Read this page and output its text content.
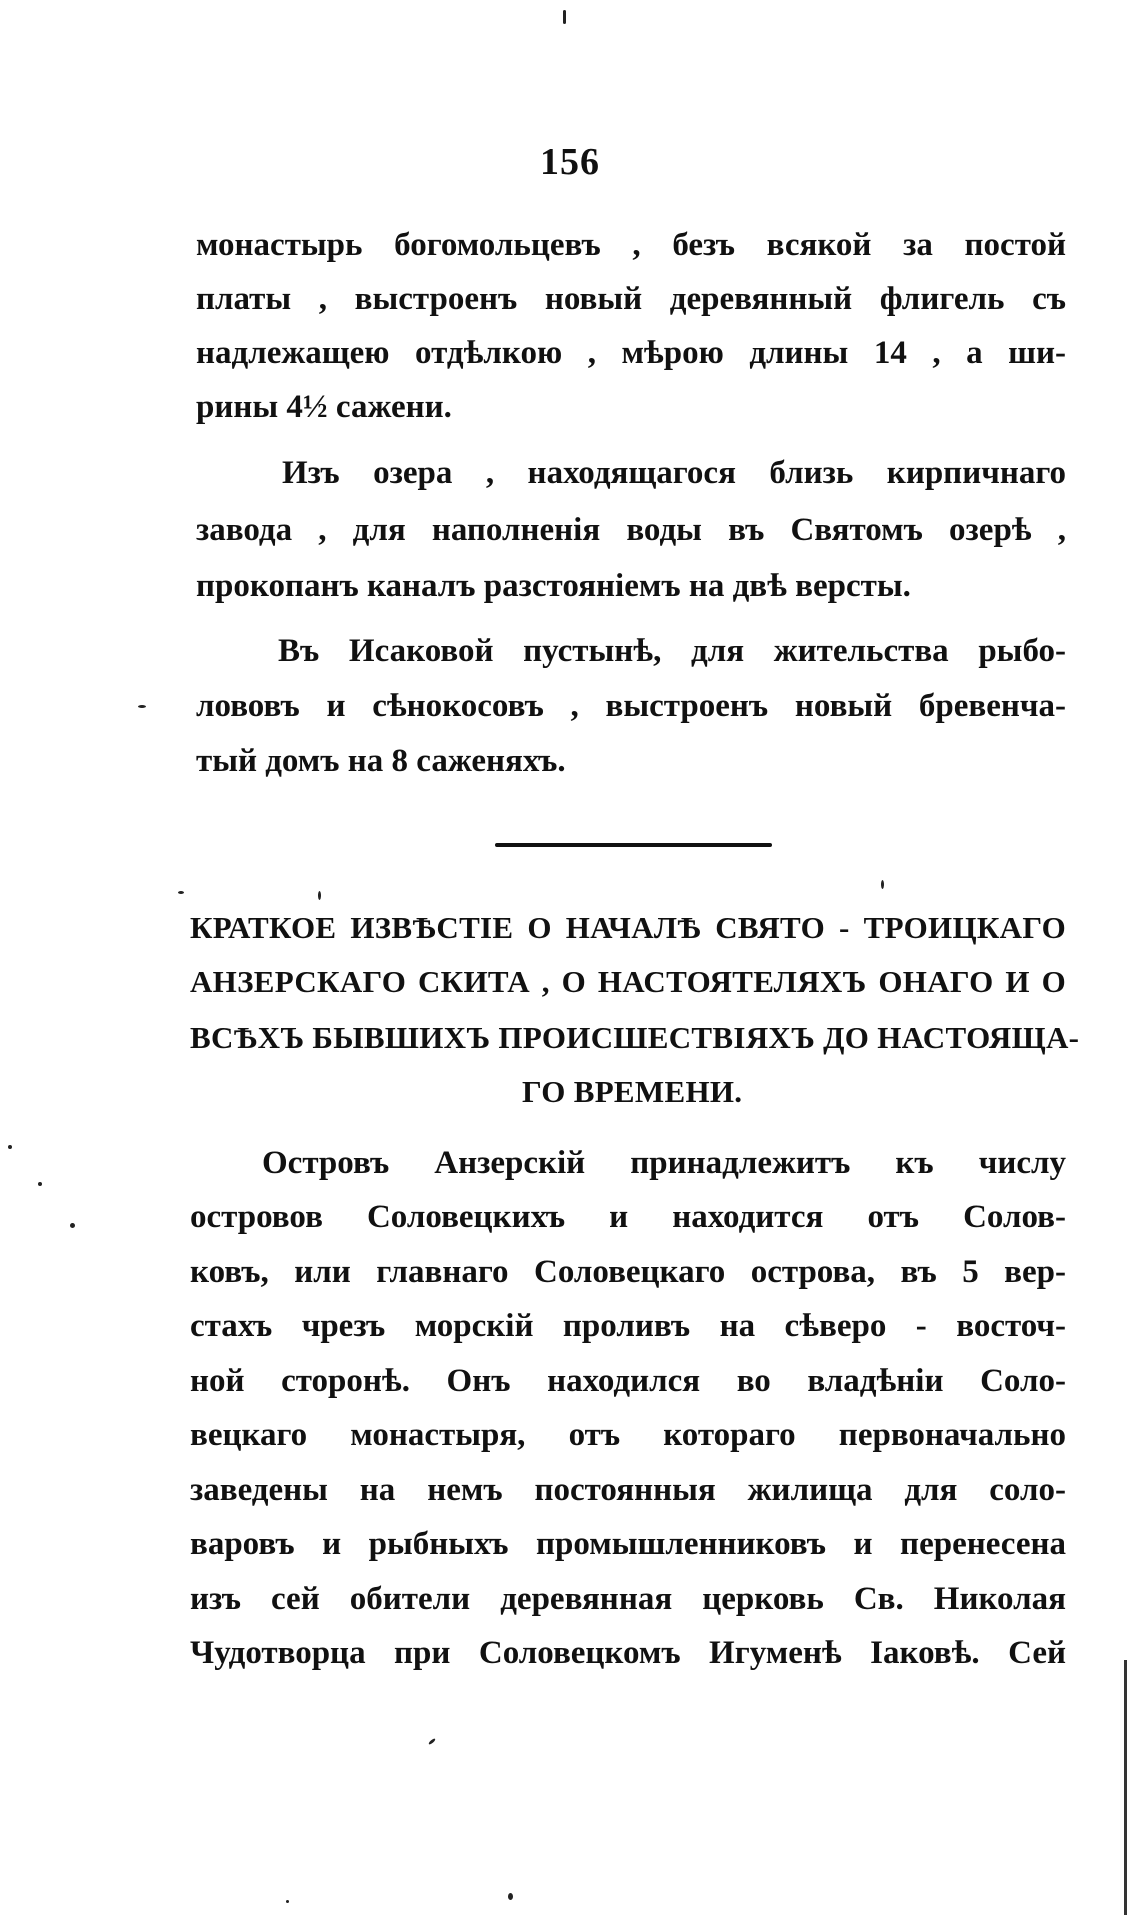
156
монастырь богомольцевъ , безъ всякой за постой
платы , выстроенъ новый деревянный флигель съ
надлежащею отдѣлкою , мѣрою длины 14 , а ши-
рины 4½ сажени.
Изъ озера , находящагося близь кирпичнаго
завода , для наполненія воды въ Святомъ озерѣ ,
прокопанъ каналъ разстояніемъ на двѣ версты.
Въ Исаковой пустынѣ, для жительства рыбо-
лововъ и сѣнокосовъ , выстроенъ новый бревенча-
тый домъ на 8 саженяхъ.
КРАТКОЕ ИЗВѢСТІЕ О НАЧАЛѢ СВЯТО - ТРОИЦКАГО
АНЗЕРСКАГО СКИТА , О НАСТОЯТЕЛЯХЪ ОНАГО И О
ВСѢХЪ БЫВШИХЪ ПРОИСШЕСТВІЯХЪ ДО НАСТОЯЩА-
ГО ВРЕМЕНИ.
Островъ Анзерскій принадлежитъ къ числу
островов Соловецкихъ и находится отъ Солов-
ковъ, или главнаго Соловецкаго острова, въ 5 вер-
стахъ чрезъ морскій проливъ на сѣверо - восточ-
ной сторонѣ. Онъ находился во владѣніи Соло-
вецкаго монастыря, отъ котораго первоначально
заведены на немъ постоянныя жилища для соло-
варовъ и рыбныхъ промышленниковъ и перенесена
изъ сей обители деревянная церковь Св. Николая
Чудотворца при Соловецкомъ Игуменѣ Іаковѣ. Сей
